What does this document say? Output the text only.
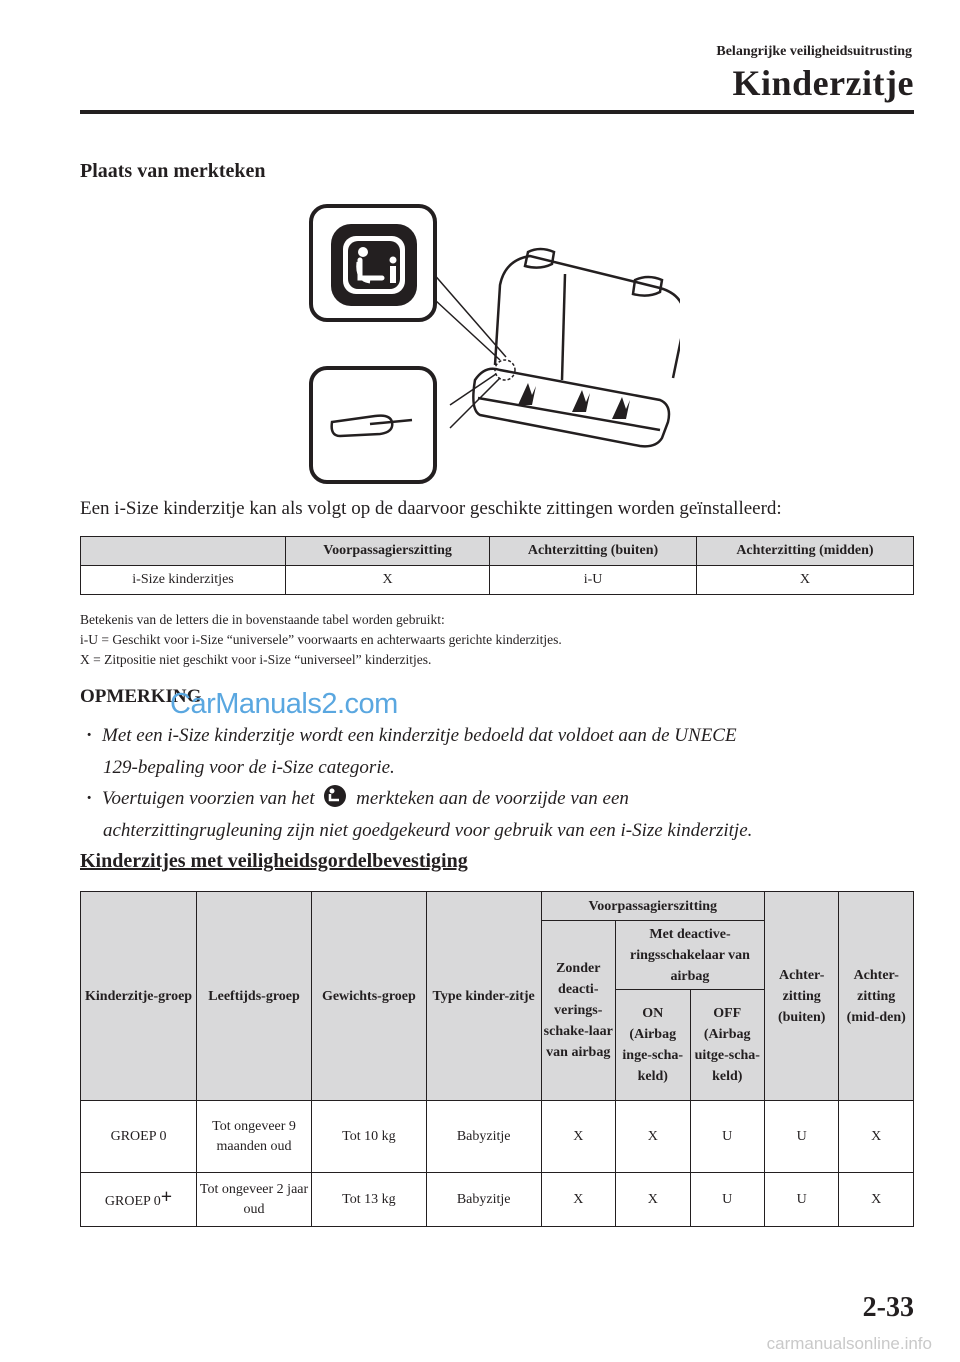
Belangrijke veiligheidsuitrusting
Kinderzitje
Plaats van merkteken
Een i-Size kinderzitje kan als volgt op de daarvoor geschikte zittingen worden geïnstalleerd:
	Voorpassagierszitting	Achterzitting (buiten)	Achterzitting (midden)
i-Size kinderzitjes	X	i-U	X
Betekenis van de letters die in bovenstaande tabel worden gebruikt:
i-U = Geschikt voor i-Size “universele” voorwaarts en achterwaarts gerichte kinderzitjes.
X = Zitpositie niet geschikt voor i-Size “universeel” kinderzitjes.
OPMERKING
CarManuals2.com
· Met een i-Size kinderzitje wordt een kinderzitje bedoeld dat voldoet aan de UNECE
129-bepaling voor de i-Size categorie.
· Voertuigen voorzien van het merkteken aan de voorzijde van een
achterzittingrugleuning zijn niet goedgekeurd voor gebruik van een i-Size kinderzitje.
Kinderzitjes met veiligheidsgordelbevestiging
Kinderzitje-groep	Leeftijds-groep	Gewichts-groep	Type kinder-zitje	Voorpassagierszitting			Achter-zitting (buiten)	Achter-zitting (mid-den)
				Zonder deacti-verings-schake-laar van airbag	Met deactive-ringsschakelaar van airbag			
					ON (Airbag inge-scha-keld)	OFF (Airbag uitge-scha-keld)		
GROEP 0	Tot ongeveer 9 maanden oud	Tot 10 kg	Babyzitje	X	X	U	U	X
GROEP 0+	Tot ongeveer 2 jaar oud	Tot 13 kg	Babyzitje	X	X	U	U	X
2-33
carmanualsonline.info
